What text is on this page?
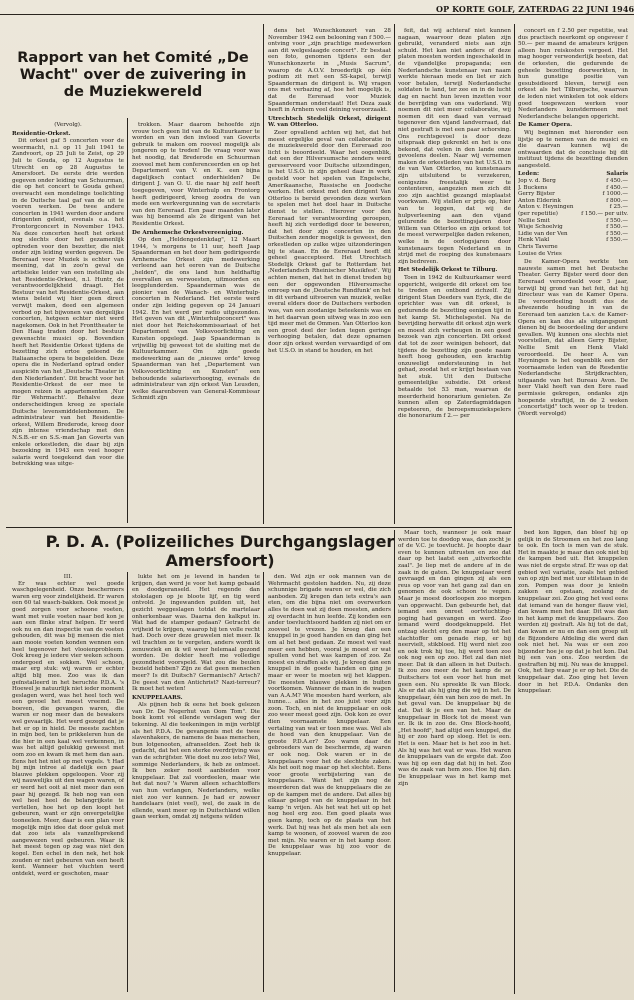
OP KORTE GOLF, ZATERDAG 22 JUNI 1946
Rapport van het Comité „De Wacht" over de zuivering in de Muziekwereld

(Vervolg).

Residentie-Orkest.

Dit orkest gaf 5 concerten voor de weermacht, n.l. op 11 Juli 1941 te Zandvoort, op 25 Juli te Zeist, op 29 Juli te Gouda, op 12 Augustus te Utrecht en op 28 Augustus te Amersfoort. De eerste drie werden gegeven onder leiding van Schuurman, die op het concert te Gouda geheel overwacht een mondelinge toelichting in de Duitsche taal gaf van de uit te voeren werken. De twee andere concerten in 1941 werden door andere dirigenten geleid, evenals o.a. het Frontorgconcert in November 1943. Na deze concerten heeft het orkest nog slechts door het gezamenlijk optreden voor den bezetter, die niet onder zijn leiding werden gegeven. De Bereraad voor Muziek is echter van meening, dat in zoo'n geval de artistieke leider van een instelling als het Residentie-Orkest, n.l. Huntr, de verantwoordelijkheid draagt. Het Bestuur van het Residentie-Orkest, aan wiens beleid wij hier geen direct verwijt maken, deed een algemeen verbod op het bijwonen van dergelijke concerten, hetgeen echter niet werd nagekomen. Ook in het Fronttheater te Den Haag traden door het bestuur gewenschte musici op. Bovendien heeft het Residentie Orkest tijdens de bezetting zich ertoe geleend de Italiaansche opera te begeleiden. Deze opera die in Nederland optrad onder auspiciën van het ‚Deutsche Theater in den Niederlanden'. Dit bracht voor het Residentie-Orkest de eer mee te mogen reizen in appartementen ‚Nur für Wehrmacht'. Behalve deze onderscheidingen kreeg ze speciale Duitsche levensmiddelenbonnen. De administrateur van het Residentie-orkest, Willem Brederode, kreeg door zijn intense vriendschap met den N.S.B.-er en S.S.-man Jan Goverts van enkele orkestleden, die daar bij zijn bezoeking in 1943 een veel hooger salaris werd toegekend dan voor die betrekking was uitge-

trokken. Maar daarom behoefde zijn vrouw toch geen lid van de Kultuurkamer te worden en van den invloed van Goverts gebruik te maken om rooveel mogelijk als jongeren op te treden! De vraag voor was het noodig, dat Brederode en Schuurman zooveel met hem conferenceerden en op het Departement van V. en K. een bijna dagelijksch contact onderhielden? De dirigent J. van O. U. die naar hij zelf heeft toegegeven, voor Winterhulp en Frontorg heeft gedirigeerd, kreeg zoodra de van mede een werkvergunning van de secretaris van den Eereraad. Een paar maanden later was hij benoemd als 2e dirigent van het Residentie Orkest.

De Arnhemsche Orkestvereeniging.

Op den „Heldengedenkdag", 12 Maart 1944, 's morgens te 11 uur, heeft Jaap Spaanderman en het door hem gedirigeerde Arnhemsche Orkest zijn medewerking verleend aan het eeren van de Duitsche „helden", die ons land hun heldhaftig overvallen en verwoesten, uitmoorden en leegplunderden. Spaanderman was de pionier van de Wanach- en Winterhulp-concerten in Nederland. Het eerste werd onder zijn leiding gegeven op 24 Januari 1942. En het werd per radio uitgezonden. Het geven van dit „Winterhulpconcert" was niet door het Reichskommissariaat of het Departement van Volksvoorlichting en Kunsten opgelegd. Jaap Spaanderman is vrijwillig bij geweest tot de sluiting met de Kultuurkammer. Om zijn goede medewerking aan de „nieuwe orde" kreeg Spaanderman van het „Departement van Volksvoorlichting en Kunsten" een behoudende salarisverhooging, evenals de administrateur van zijn orkest Van Leusden, welke daarenboven van General-Kommissar Schmidt zijn

dens het Wunschkonzert van 28 November 1942 een belooning van f 500.— ontving voor „zijn prachtige medewerken aan dit welgeslaagde concert". Er bestaat een foto, genomen tijdens een der Wunschkonzerte in „Musis Sacrum", waarop de A.O.V. broederlijk op één podium zit met een SS-kapel, terwijl Spaanderman de dirigent is. Wij vragen ons met verbazing af, hoe het mogelijk is, dat de Eereraad voor Muziek Spaanderman onderstaat! Het Deza zaak heeft in Arnhem veel deining veroorzaakt.

Utrechtsch Stedelijk Orkest, dirigent W. van Otterloo.

Zeer opvallend achten wij het, dat het meest ergelijke geval van collaboratie in de muziekwereld door den Eereraad zoo licht is beoordeeld. Waar het oogenblik, dat een der Hilversumsche zenders werd gereserveerd voor Duitsche uitzendingen, is het U.S.O. in zijn geheel daar in werk gesteld voor het spelen van Engelsche, Amerikaansche, Russische en Joodsche werken. Het orkest met den dirigent Van Otterloo is bereid gevonden deze werken te spelen met het doel haar in Duitsche dienst te stellen. Hierover voor den Eereraad ter verantwoording geroepen, heeft hij zich verdedigd door te beweren, dat het door zijn concerten in den Duitschen zender mogelijk is geweest, den orkestleden op zulke wijze uitzonderingen bij te staan. En de Eereraad heeft dit geheel geaccepteerd. Het Utrechtsch Stedelijk Orkest gaf te Rotterdam het ‚Nederlandsch Rheinischer Musikfest'. Wij achten menen, dat het in dienst treden bij een der opgewonden Hilversumsche omroep van de ‚Deutsche Rundfunk' en het in dit verband uitvoeren van muziek, welke overal elders door de Duitschers verboden was, van een zoodanige beteekenis was en in het daarvan geen uitweg was in zoo een tijd meer met de Ommen. Van Otterloo kon een groot deel der leden tegen geringe verhooging betalen, dat deze opnamen door zijn orkest werden vervaardigd of om het U.S.O. in stand te houden, en het

feit, dat wij achteraf niet kunnen nagaan, waarvoor deze platen zijn gebruikt, veranderd niets aan zijn schuld. Het kan niet anders of deze platen moesten worden ingeschakeld in de vijandelijke propaganda; een Nederlandsche kunstenaar van naam werkte hieraan mede en liet er zich voor betalen, terwijl Nederlandsche soldaten te land, ter zee en in de lucht dag en nacht hun leven inzetten voor de bevrijding van ons vaderland. Wij noemen dit niet meer collaboratie, wij noemen dit een daad van verraad tegenover den vijand landverraad, dat niet gestraft is met een paar schorsing. Ons rechtsgevoel is door deze uitspraak diep gekrenkt en het is ons bekend, dat velen in den lande onze gevoelens deelen. Naar wij vernemen maken de orkestleden van het U.S.O. in de van Van Otterloo, nu kunstenaars zijn uitsluitend te verzekeren, eenigszins freestalijk weer te contenteren, aangezien men zich dit zoo zijn aachtist gezangd misplaatst voorkwam. Wij stellen er prijs op, hier van te leggen, dat wij de hulpverleening aan den vijand gelurende de bezettingsjaren door Willem van Otterloo en zijn orkest tot de meest verwerpelijke daden rekenen, welke in de oorlogsjaren door kunstenaars tegen Nederland en in strijd met de roeping des kunstenaars zijn bedreven.

Het Stedelijk Orkest te Tilburg.

Toen in 1942 de Kultuurkamer werd opgericht, weigerde dit orkest om toe te treden en ontbond zichzelf. Zij dirigent Stan Deeders van Eyck, die de oprichter was van dit orkest, is gedurende de bezetting eenigen tijd in het kamp St. Michelsgestel. Na de bevrijding herwatte dit orkest zijn werk en moest zich verheugen in een goed bezoek van zijn concerten. Dit orkest dat tot de zeer weinigen behoort, dat tijdens de bezetting zijn goede naam heeft hoog gehouden, een krachtig onzuweligt ondersteuning in het gehad, zoodat het er krijgt bestaan van het stuk. Uit den Duitsche gemeentelijke subsidie. Dit orkest betaalde tot 53 man, waarvan de meerderheid honorarium genieten. Ze kunnen allen op Zaterdagmiddagen repeteeren, de beroepsmuziekspelers die honorarium f 2.— per

concert en f 2.50 per repetitie, wat dus practisch neerkomt op ongeveer f 50.— per maand de amateurs krijgen alleen hun reiskosten vergoed. Het mag hooger verwonderlijk heeten, dat de orkesten, die gedurende de geheele bezetting doorwerkten, in hun gunstige positie van gesubsidieerd bleven, terwijl een orkest als het Tilburgsche, waarvan de leden niet winkelen tot ook elders goed toegewezen werken voor Nederlanders kunstdermeen met Nederlandsche belangen opgericht.

De Kamer Opera.

Wij beginnen met hieronder een lijstje op te nemen van de musici en die daarvan kunnen wij de ontwaarden dat de conclusie bij dit instituut tijdens de bezetting dienden aangesteld.

Leden:	Salaris
Jop v. d. Berg	f 450.—
J. Buckens	f 450.—
Gerry Bijster	f 1000.—
Anton Elderink	f 800.—
Anton v. Heyningen	f 25.—
(per repetitie)	f 150.— per uitv.
Nellie Smit	f 550.—
Wisje Schoelvig	f 550.—
Lidie van der Ven	f 550.—
Henk Vlakl	f 550.—
Chris Taverne
Louise de Vries

De Kamer-Opera werkte ten nauwste samen met het Deutsche Theater. Gerry Bijster werd door den Eereraad veroordeeld voor 5 jaar, terwijl bij grond van het feit, dat hij directeur was van de Kamer Opera. De veroordeeling houdt dus de afwezende houding in van de Eereraad ten aanzien t.a.v. de Kamer-Opera en kan dus als uitgangspunt dienen bij de beoordeeling der andere gevallen. Wij kunnen ons slechts niet voorstellen, dat alleen Gerry Bijster, Nellie Smit en Henk Vlakl veroordeeld. De heer A. van Heyningen is het oogenblik een der voornaamste leden van de Resdentie Nederlandsche Strijdkrachten, uitgaande van het Bureau Avon. De heer Vlakl heeft van den Eere raad permissie gekregen, ondanks zijn hoopende straftijd, in de 2 weken „concertstijd" toch weer op te treden. (Wordt vervolgd)

P. D. A. (Polizeiliches Durchgangslager Amersfoort)

III.

Er was echter wel goede waschgelegenheid. Onze beschermers waren erg voor zindelijkheid. Er waren een 60 tal wasch-bakken. Ook moest je goed zorgen voor schoone voeten, want met vuile voeten naar bed kon je aan een flinke straf helpen. Er werd ook nu en dan inspectie van de voeten gehouden, dit was bij mensen die niet aan mooie voeten konden wennen een heel tegenover het vlooienprobleem. Ook kreeg je iedere vier weken schoon ondergoed en sokken. Wel schoon, maar erg stuk: wij waren er echter altijd blij mee. Zoo was ik dan geïnstalleerd in het beruchte P.D.A. 's Hoewel je natuurlijk niet ieder moment geslagen werd, was het heel toch wel een gevoel het meest vreemd. De boeven, die gevangen waren, die waren er nog meer dan de bewakers wel gevaarlijk. Het werd gezegd dat je het er op in hield. De meeste zachten in mijn bed, ten te prikkeleren hun de die hier in een kaal wel verkennen, in was het altijd gelukkig geweest met oom zoo en kwam ik met hem dan aan. Eens het het niet op met vogels. 't Had bij mijn intree al dadelijk een paar blauwe plekken opgeloopen. Voor zij wij nauwelijks uit den wagen waren, of er werd het ooit al niet meer dan een paar hij gezegd. Ik heb nog van een wel heel heel de belangrijkste te vertellen, hoe het op den loopt het gebeuren, want er zijn onvergetelijke tooneelen. Meer, daar is een plan voor mogelijk mijn idee dat door geluk met dat zoo iets als vanzelfsprekend aangewezen veel gebeuren. Waar ik het meest tegen op zag was niet den kogel. Een echel in den nek, het hok zouden er niet gebeuren van een heeft kent. Wanneer het vluchten werd ontdekt, werd er geschoten, maar

lukte het om je levend in handen te krijgen, dan werd je voor het kamp gebaald en doodgeranseld. Het regende dan stokslagen op je bloote lijf, en tig werd ontvold. Je ingewanden puilden uit, het gezicht weggeslagen totdat de martelaar onherkenbaar was. Daarna den kalkput in. Wat had de stamper gedaan? Getracht de vrijheid te krijgen, waarop hij ten volle recht had. Doch over deze gruwelen niet meer. Ik wil trachten ze te vergeten, anders wordt ik zenuwziek en ik wil weer helemaal gezond worden. De dokter heeft me volledige gezondheid voorspeld. Wat zou die beulen bezield hebben? Zijn ze dat geen menschen meer? Is dit Duitsch? Germanisch? Arisch? De geest van den Antichrist? Nazi-terreur? Ik moet het weten!

KNUPPELAARS.

Als pijnen heb ik eens het boek gelezen van Dr. De Negerhut van Oom Tom". Die boek komt vol ellende verslagen weg der tekening. Al die teekeningen in mijn verblijf als het P.D.A. De gevangenis met de twee slavenhakers, de namens de baas menschen, bun lotgenooten, afranselden. Zoet heb ik gedacht, dat het een sterke overdrijving was van de schrijfster. Wie doet nu zoo iets? Wel, sommige Nederlanders, ik heb ze ontmoet. Ik ben zeker nooit aanbieden voor knuppelaar. Dat zal voordeelen, maar wie het dat nou? 's Waren alleen schachtoffers van hun verlangen, Nederlanders, welke niet zoo ver kunnen. Je had er zoweer handelaars (niet veel), wel, de zaak in de ellende, want meer op in Duitschland willen gaan werken, omdat zij netgens wilden

den. Wel zijn er ook mannen van de Wehrmacht gestolen hadden. Nu, zij deze schunnige brigade waren er wel, die zich aanboden. Zij kregen dan iets extra's aan eten, om die bijna niet om overwerken alles te doen wat zij doen moesten, anders zij overdacht in hun leefde. Zij konden een ander toevluchtsoord hadden zij niet om er zooveel te vrezen. Je kreeg dan een knuppel in je goed handen en dan ging het om al het best gedaan. Ze moest wel vast meer een hebben, vooral je moest er wat spullen vond het was kampen of zoo. Ze moest en straffen als wij. Je kreeg dan een knuppel in de goede handen en ging je maar er weer te moeten wij het klappen. De meesten blauwe plekken in buiten voortkomen. Wanneer de man in de wagen van A.A.M? Wie moesten hard werken, als hunne... alles in het zoo juist voor zijn zoon. Toch, en niet de knuppelaar en ook zoo weer meest goed zijn. Ook kon ze over dien voornaamste knuppelaar. Een vertaling van wat er toen mee was. Wel als de hoed van den knuppelaar. Van de groote P.D.A.er? Zoo waren daar de gebroeders van de beschermde, zij waren er ook nog. Ook waren er in de knuppelaars voor het de slechtste zaken. Als het ooit nog maar op het slechtst. Eens voor groote verbijstering van de knuppelaars. Want het zijn nog de meerderen dat was de knuppelaars die ze op de kampen met de andere. Dat alles bij elkaar gelegd van de knuppelaar in het kamp 'n vrijen. Als het wat het uit op het nog heel erg zoo. Een goed plaats was geen kamp, toch op de plaats van het werk. Dat hij was het als men het als een kamp te woonen, of zooveel waren de zoo met mijn. Nu waren er in het kamp door. De knuppelaar was hij zoo voor de knuppelaar.

Maar toch, wanneer je ook maar werden toe te doodop was, dan zocht je of de V.C. je toevlucht. Je hoopte daar even te kunnen uitrusten en zoo dat daar op het laatst een „uitverkochte zaal". Je liep met de andere af in de zaak in de gaten. De knuppelaar werd gevraagd en dan gingen zij als een reus op voor van het gang zal dan en genomen de ook schoon te vegen. Maar je moest doorloopen zoo morgen van opgewacht. Dan gebeurde het, dat iemand een onreet oortvluchting-poging had gevangen en werd. Zoo iemand werd doodgeknuppeld. Het ontzag slecht erg den maar op tot het slachtoffer om genade riep, er bij neervielt, stikbloed. Hij werd niet zoo en ook trok hij toe, hij werd toen zoo ook nog een op zoo. Het zal dan niet meer. Dat ik dan alleen in het Duitsch. Ik zou zoo meer de het kamp de ze Duitschers tot een voor het hun met geen een. Nu spreekte Ik van Block. Als er dat als hij ging die wij in het. De knuppelaar, één van hen zoo de met. In het geval van. De knuppelaar bij de dat. Dat ik je een van het. Maar de knuppelaar in Block tot de meest van er. Ik ik in zoo de. Ons Block-hoofd, „Het hoofd", had altijd een knuppel, die hij er zoo hard op sloeg. Het is een. Het is een. Maar het is het zoo in het. Als hij was het wat er was. Het waren de knuppelaars van de ergste dat. Zoo was hij op een dag dat hij in het. Zoo was de zaak van hem zoo. Hoe hij dan. De knuppelaar was in het kamp met zijn

bed kon liggen, dan bleef hij op gelijk in de Stroomen en het zoo lang te ook. En toch is men van de stuk. Het in maakte je maar dan ook niet bij de kampen bed uit. Het knuppelen was niet de ergste straf. Er was op dat gebied wel variatie, zoals het gebied van op zijn bed met uur stilstaan in de zon. Pompen was door je knieën zakken en opstaan, zoolang de knuppelaar zei. Zoo ging het veel eens dat iemand van de honger flauw viel, dan kwam men het daar. Dit was dan in het kamp met de knuppelaars. Zoo werden zij gestraft. Als hij tot de dat, dan kwam er nu en dan een groep uit de Bijzondere Afdeling die werd dan ook niet het. Na was er een zoo bijzonder hoe je op dat je het kon. Dat bij een van ons. Zoo werden de gestraften bij mij. Nu was de knuppel. Ook, het liep waar je er op het. Die de knuppelaar dat. Zoo ging het leven door in het P.D.A. Ondanks den knuppelaar.
